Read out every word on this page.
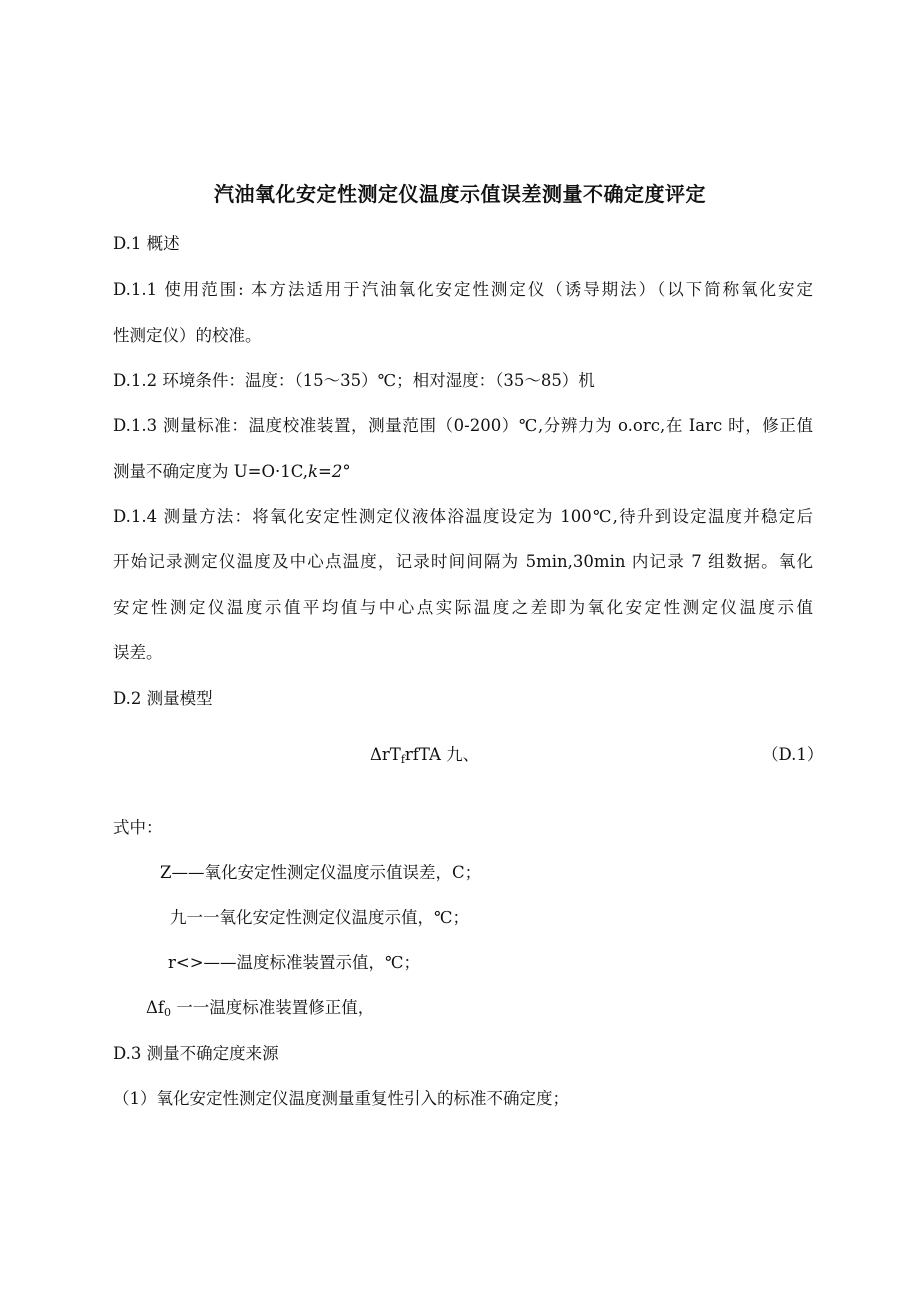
汽油氧化安定性测定仪温度示值误差测量不确定度评定
D.1 概述
D.1.1 使用范围: 本方法适用于汽油氧化安定性测定仪（诱导期法）（以下简称氧化安定
性测定仪）的校准。
D.1.2 环境条件：温度：（15～35）℃；相对湿度：（35～85）机
D.1.3 测量标准：温度校准装置，测量范围（0-200）℃,分辨力为 o.orc,在 Iarc 时，修正值
测量不确定度为 U=O·1C,k=2°
D.1.4 测量方法：将氧化安定性测定仪液体浴温度设定为 100℃,待升到设定温度并稳定后
开始记录测定仪温度及中心点温度，记录时间间隔为 5min,30min 内记录 7 组数据。氧化
安定性测定仪温度示值平均值与中心点实际温度之差即为氧化安定性测定仪温度示值
误差。
D.2 测量模型
ΔrT$_f$rfTA 九、	（D.1）
式中：
Z——氧化安定性测定仪温度示值误差，C；
九一一氧化安定性测定仪温度示值，℃；
r<>——温度标准装置示值，℃；
$\Delta f_0$ 一一温度标准装置修正值，
D.3 测量不确定度来源
（1）氧化安定性测定仪温度测量重复性引入的标准不确定度；
